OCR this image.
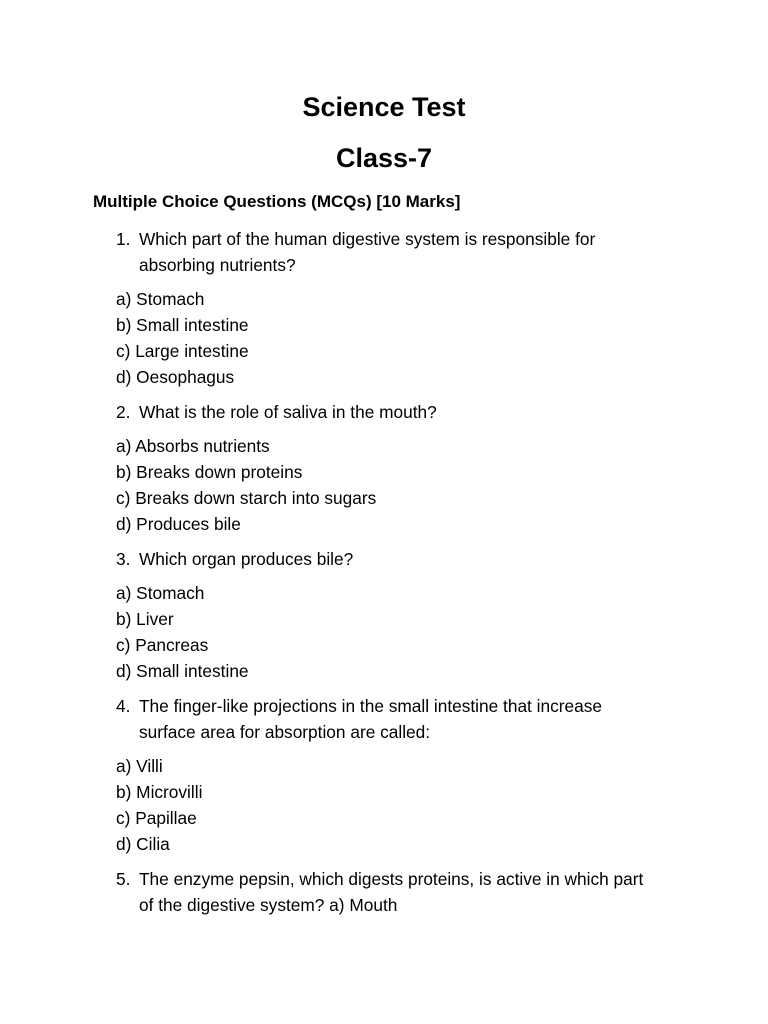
Science Test
Class-7
Multiple Choice Questions (MCQs) [10 Marks]
1. Which part of the human digestive system is responsible for absorbing nutrients?
a) Stomach
b) Small intestine
c) Large intestine
d) Oesophagus
2. What is the role of saliva in the mouth?
a) Absorbs nutrients
b) Breaks down proteins
c) Breaks down starch into sugars
d) Produces bile
3. Which organ produces bile?
a) Stomach
b) Liver
c) Pancreas
d) Small intestine
4. The finger-like projections in the small intestine that increase surface area for absorption are called:
a) Villi
b) Microvilli
c) Papillae
d) Cilia
5. The enzyme pepsin, which digests proteins, is active in which part of the digestive system? a) Mouth
